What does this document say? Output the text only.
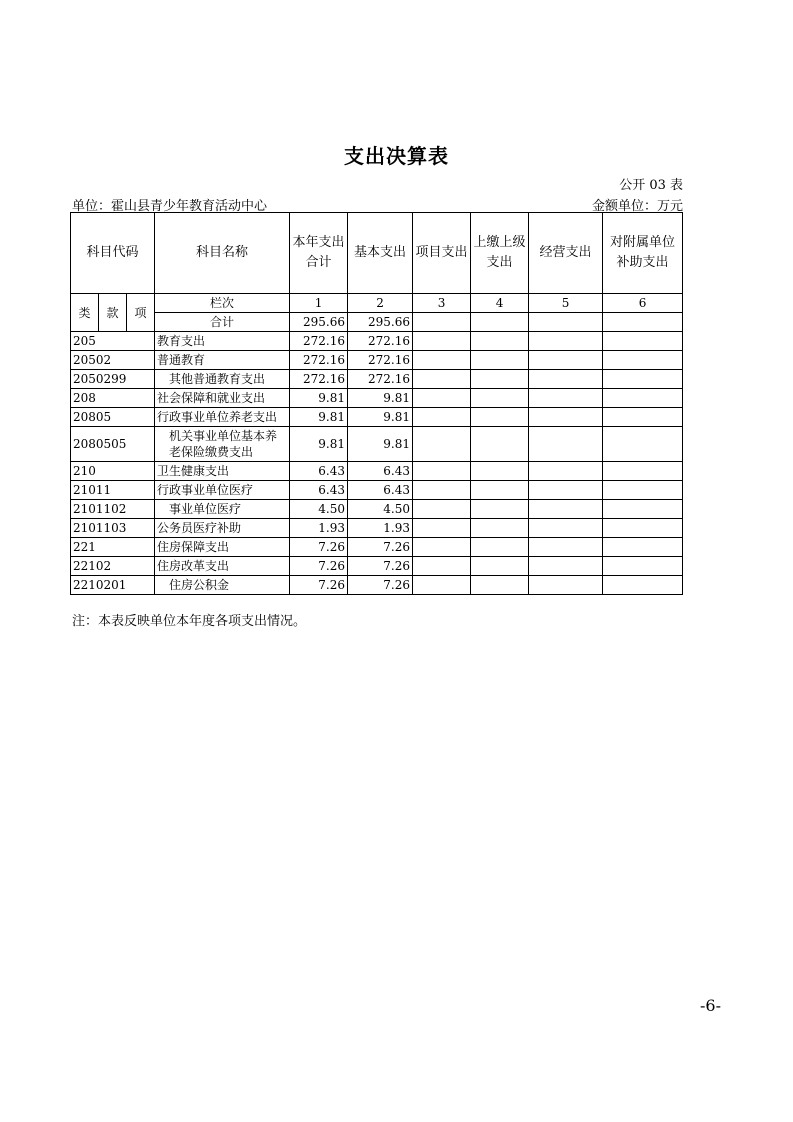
支出决算表
公开 03 表
单位：霍山县青少年教育活动中心	金额单位：万元
科目代码			科目名称	本年支出合计	基本支出	项目支出	上缴上级支出	经营支出	对附属单位补助支出
类	款	项	栏次	1	2	3	4	5	6
			合计	295.66	295.66				
205			教育支出	272.16	272.16				
20502			普通教育	272.16	272.16				
2050299			其他普通教育支出	272.16	272.16				
208			社会保障和就业支出	9.81	9.81				
20805			行政事业单位养老支出	9.81	9.81				
2080505			机关事业单位基本养老保险缴费支出	9.81	9.81				
210			卫生健康支出	6.43	6.43				
21011			行政事业单位医疗	6.43	6.43				
2101102			事业单位医疗	4.50	4.50				
2101103			公务员医疗补助	1.93	1.93				
221			住房保障支出	7.26	7.26				
22102			住房改革支出	7.26	7.26				
2210201			住房公积金	7.26	7.26				
注：本表反映单位本年度各项支出情况。
-6-
